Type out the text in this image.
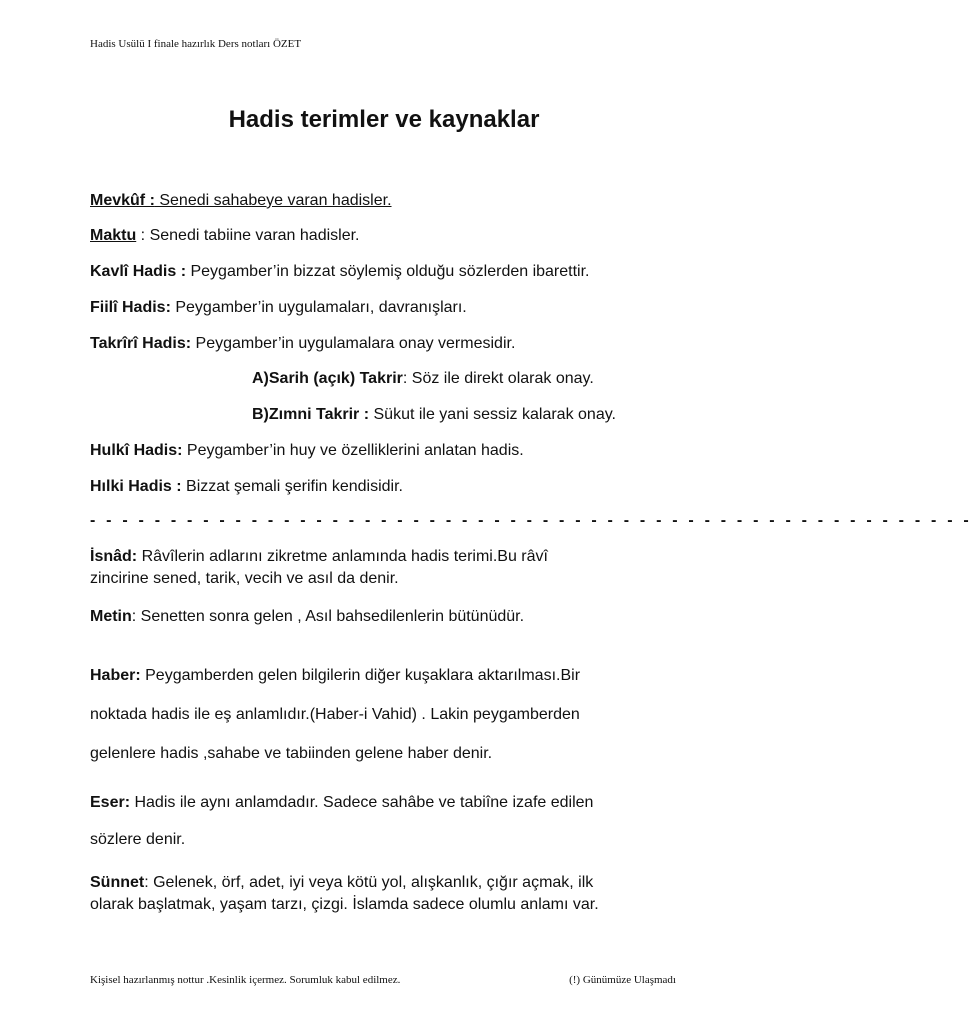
Hadis Usülü I finale hazırlık Ders notları ÖZET
Hadis terimler ve kaynaklar
Mevkûf : Senedi sahabeye varan hadisler.
Maktu : Senedi tabiine varan hadisler.
Kavlî Hadis : Peygamber’in bizzat söylemiş olduğu sözlerden ibarettir.
Fiilî Hadis: Peygamber’in uygulamaları, davranışları.
Takrîrî Hadis: Peygamber’in uygulamalara onay vermesidir.
A)Sarih (açık) Takrir: Söz ile direkt olarak onay.
B)Zımni Takrir : Sükut ile yani sessiz kalarak onay.
Hulkî Hadis: Peygamber’in huy ve özelliklerini anlatan hadis.
Hılki Hadis : Bizzat şemali şerifin kendisidir.
- - - - - - - - - - - - - - - - - - - - - - - - - - - - - - - - - - - - - - - - - - - - - - - - - - - - - - -
İsnâd: Râvîlerin adlarını zikretme anlamında hadis terimi.Bu râvî
zincirine sened, tarik, vecih ve asıl da denir.
Metin: Senetten sonra gelen , Asıl bahsedilenlerin bütünüdür.
Haber: Peygamberden gelen bilgilerin diğer kuşaklara aktarılması.Bir
noktada hadis ile eş anlamlıdır.(Haber-i Vahid) . Lakin peygamberden
gelenlere hadis ,sahabe ve tabiinden gelene haber denir.
Eser: Hadis ile aynı anlamdadır. Sadece sahâbe ve tabiîne izafe edilen
sözlere denir.
Sünnet: Gelenek, örf, adet, iyi veya kötü yol, alışkanlık, çığır açmak, ilk
olarak başlatmak, yaşam tarzı, çizgi. İslamda sadece olumlu anlamı var.
Kişisel hazırlanmış nottur .Kesinlik içermez. Sorumluk kabul edilmez.	(!) Günümüze Ulaşmadı
